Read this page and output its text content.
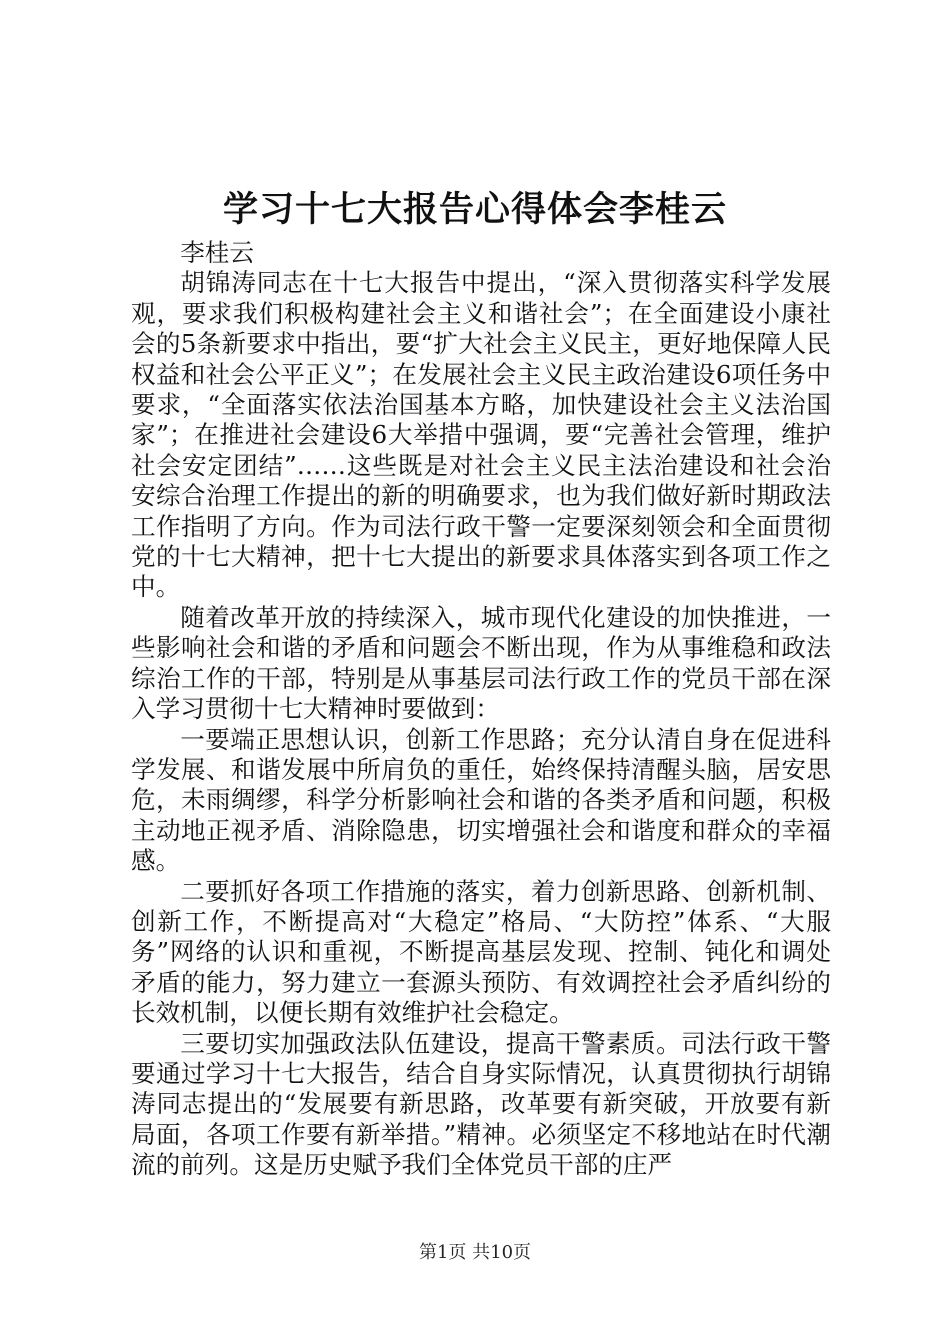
学习十七大报告心得体会李桂云

李桂云

胡锦涛同志在十七大报告中提出，“深入贯彻落实科学发展观，要求我们积极构建社会主义和谐社会”；在全面建设小康社会的5条新要求中指出，要“扩大社会主义民主，更好地保障人民权益和社会公平正义”；在发展社会主义民主政治建设6项任务中要求，“全面落实依法治国基本方略，加快建设社会主义法治国家”；在推进社会建设6大举措中强调，要“完善社会管理，维护社会安定团结”……这些既是对社会主义民主法治建设和社会治安综合治理工作提出的新的明确要求，也为我们做好新时期政法工作指明了方向。作为司法行政干警一定要深刻领会和全面贯彻党的十七大精神，把十七大提出的新要求具体落实到各项工作之中。

随着改革开放的持续深入，城市现代化建设的加快推进，一些影响社会和谐的矛盾和问题会不断出现，作为从事维稳和政法综治工作的干部，特别是从事基层司法行政工作的党员干部在深入学习贯彻十七大精神时要做到：

一要端正思想认识，创新工作思路；充分认清自身在促进科学发展、和谐发展中所肩负的重任，始终保持清醒头脑，居安思危，未雨绸缪，科学分析影响社会和谐的各类矛盾和问题，积极主动地正视矛盾、消除隐患，切实增强社会和谐度和群众的幸福感。

二要抓好各项工作措施的落实，着力创新思路、创新机制、创新工作，不断提高对“大稳定”格局、“大防控”体系、“大服务”网络的认识和重视，不断提高基层发现、控制、钝化和调处矛盾的能力，努力建立一套源头预防、有效调控社会矛盾纠纷的长效机制，以便长期有效维护社会稳定。

三要切实加强政法队伍建设，提高干警素质。司法行政干警要通过学习十七大报告，结合自身实际情况，认真贯彻执行胡锦涛同志提出的“发展要有新思路，改革要有新突破，开放要有新局面，各项工作要有新举措。”精神。必须坚定不移地站在时代潮流的前列。这是历史赋予我们全体党员干部的庄严

第1页 共10页
